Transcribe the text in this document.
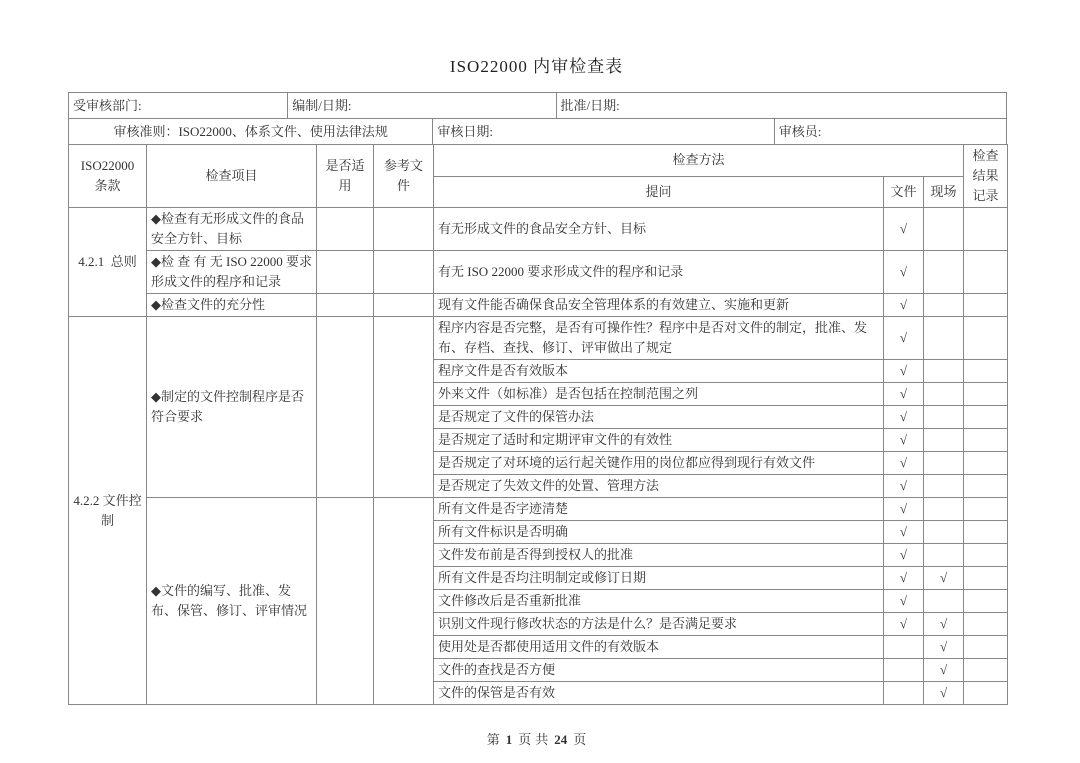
ISO22000 内审检查表
受审核部门:	编制/日期:		批准/日期:	
审核准则：ISO22000、体系文件、使用法律法规		审核日期:		审核员:
ISO22000 条款	检查项目	是否适用	参考文件	检查方法			检查结果记录
				提问	文件	现场	
4.2.1  总则	◆检查有无形成文件的食品安全方针、目标			有无形成文件的食品安全方针、目标	√		
	◆检 查 有 无 ISO 22000 要求形成文件的程序和记录			有无 ISO 22000 要求形成文件的程序和记录	√		
	◆检查文件的充分性			现有文件能否确保食品安全管理体系的有效建立、实施和更新	√		
4.2.2 文件控制	◆制定的文件控制程序是否符合要求			程序内容是否完整，是否有可操作性？程序中是否对文件的制定，批准、发布、存档、查找、修订、评审做出了规定	√		
				程序文件是否有效版本	√		
				外来文件（如标准）是否包括在控制范围之列	√		
				是否规定了文件的保管办法	√		
				是否规定了适时和定期评审文件的有效性	√		
				是否规定了对环境的运行起关键作用的岗位都应得到现行有效文件	√		
				是否规定了失效文件的处置、管理方法	√		
	◆文件的编写、批准、发布、保管、修订、评审情况			所有文件是否字迹清楚	√		
				所有文件标识是否明确	√		
				文件发布前是否得到授权人的批准	√		
				所有文件是否均注明制定或修订日期	√	√	
				文件修改后是否重新批准	√		
				识别文件现行修改状态的方法是什么？是否满足要求	√	√	
				使用处是否都使用适用文件的有效版本		√	
				文件的查找是否方便		√	
				文件的保管是否有效		√	
第 1 页 共 24 页
